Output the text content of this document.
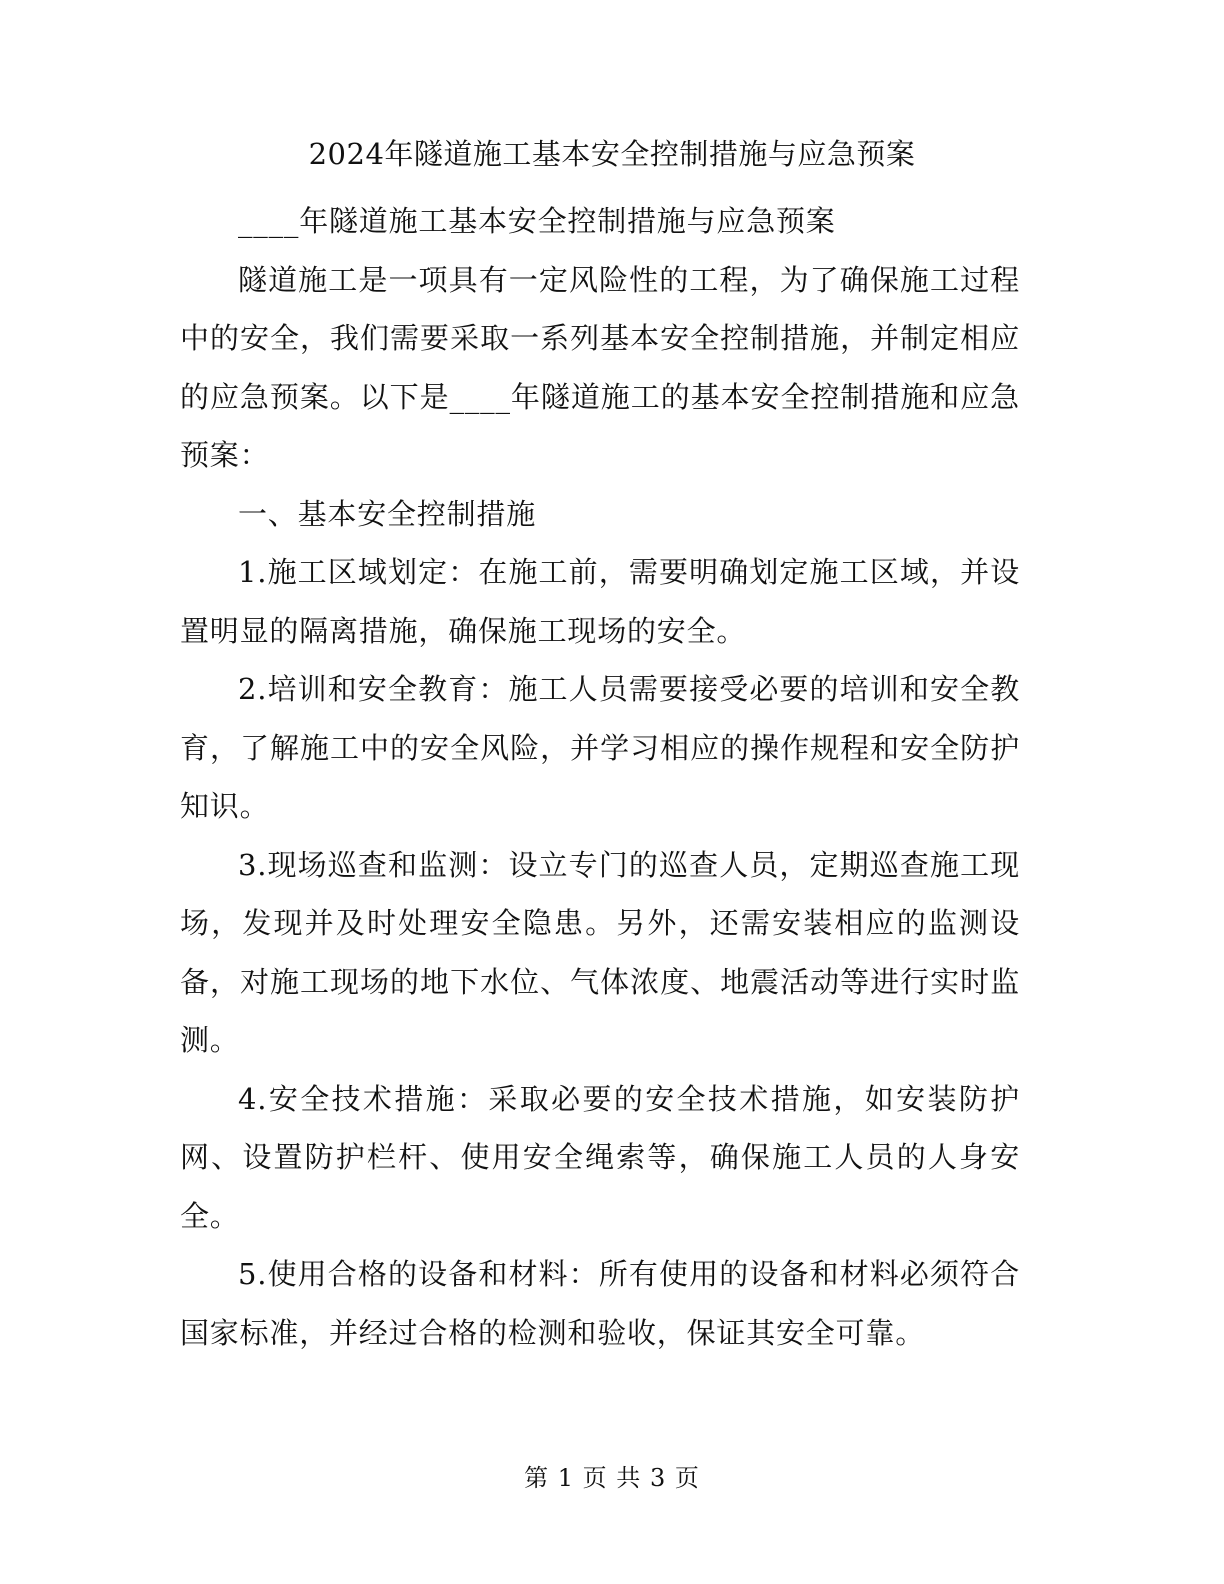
2024年隧道施工基本安全控制措施与应急预案

____年隧道施工基本安全控制措施与应急预案

隧道施工是一项具有一定风险性的工程，为了确保施工过程中的安全，我们需要采取一系列基本安全控制措施，并制定相应的应急预案。以下是____年隧道施工的基本安全控制措施和应急预案：

一、基本安全控制措施

1.施工区域划定：在施工前，需要明确划定施工区域，并设置明显的隔离措施，确保施工现场的安全。

2.培训和安全教育：施工人员需要接受必要的培训和安全教育，了解施工中的安全风险，并学习相应的操作规程和安全防护知识。

3.现场巡查和监测：设立专门的巡查人员，定期巡查施工现场，发现并及时处理安全隐患。另外，还需安装相应的监测设备，对施工现场的地下水位、气体浓度、地震活动等进行实时监测。

4.安全技术措施：采取必要的安全技术措施，如安装防护网、设置防护栏杆、使用安全绳索等，确保施工人员的人身安全。

5.使用合格的设备和材料：所有使用的设备和材料必须符合国家标准，并经过合格的检测和验收，保证其安全可靠。

第 1 页 共 3 页
